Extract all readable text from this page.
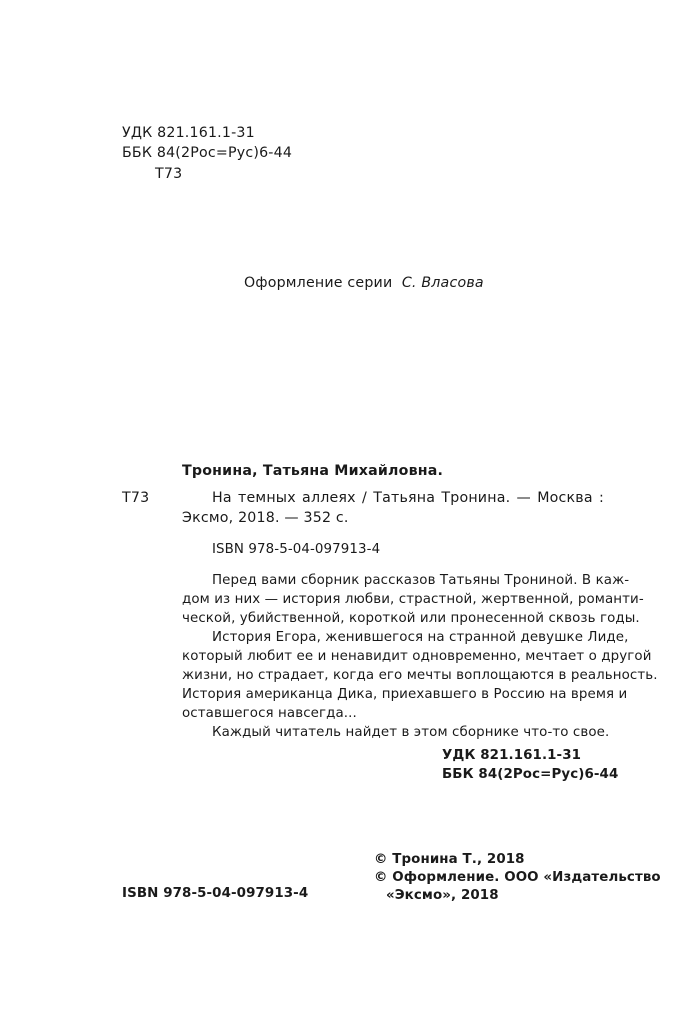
УДК 821.161.1-31
ББК 84(2Рос=Рус)6-44
Т73
Оформление серии С. Власова
Тронина, Татьяна Михайловна.
Т73	На темных аллеях / Татьяна Тронина. — Москва :
Эксмо, 2018. — 352 с.
ISBN 978-5-04-097913-4
Перед вами сборник рассказов Татьяны Трониной. В каж-
дом из них — история любви, страстной, жертвенной, романти-
ческой, убийственной, короткой или пронесенной сквозь годы.
История Егора, женившегося на странной девушке Лиде,
который любит ее и ненавидит одновременно, мечтает о другой
жизни, но страдает, когда его мечты воплощаются в реальность.
История американца Дика, приехавшего в Россию на время и
оставшегося навсегда...
Каждый читатель найдет в этом сборнике что-то свое.
УДК 821.161.1-31
ББК 84(2Рос=Рус)6-44
ISBN 978-5-04-097913-4
© Тронина Т., 2018
© Оформление. ООО «Издательство
«Эксмо», 2018
